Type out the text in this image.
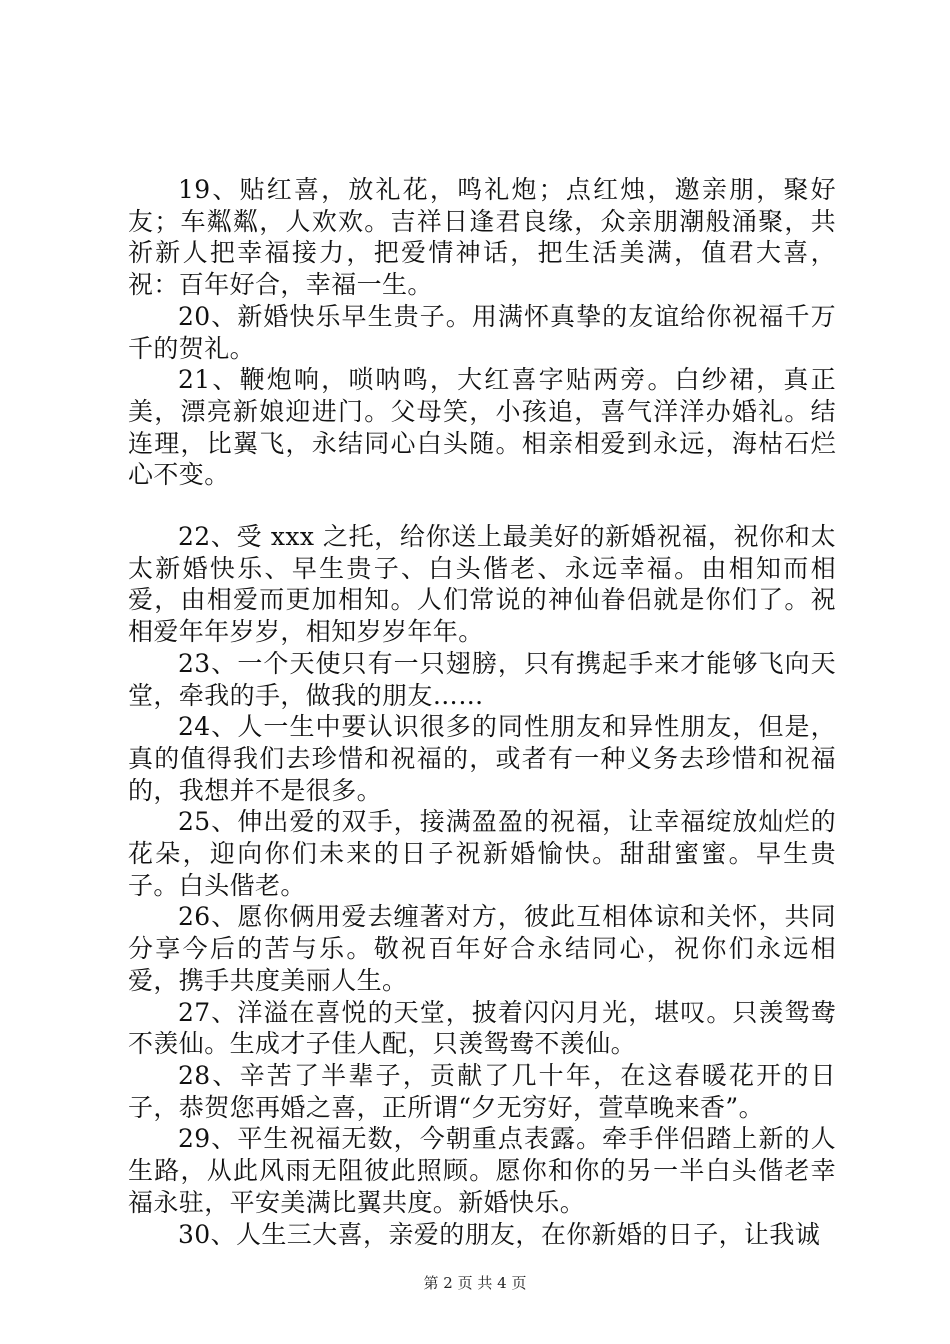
19、贴红喜，放礼花，鸣礼炮；点红烛，邀亲朋，聚好友；车粼粼，人欢欢。吉祥日逢君良缘，众亲朋潮般涌聚，共祈新人把幸福接力，把爱情神话，把生活美满，值君大喜，祝：百年好合，幸福一生。

20、新婚快乐早生贵子。用满怀真挚的友谊给你祝福千万千的贺礼。

21、鞭炮响，唢呐鸣，大红喜字贴两旁。白纱裙，真正美，漂亮新娘迎进门。父母笑，小孩追，喜气洋洋办婚礼。结连理，比翼飞，永结同心白头随。相亲相爱到永远，海枯石烂心不变。

22、受 xxx 之托，给你送上最美好的新婚祝福，祝你和太太新婚快乐、早生贵子、白头偕老、永远幸福。由相知而相爱，由相爱而更加相知。人们常说的神仙眷侣就是你们了。祝相爱年年岁岁，相知岁岁年年。

23、一个天使只有一只翅膀，只有携起手来才能够飞向天堂，牵我的手，做我的朋友……

24、人一生中要认识很多的同性朋友和异性朋友，但是，真的值得我们去珍惜和祝福的，或者有一种义务去珍惜和祝福的，我想并不是很多。

25、伸出爱的双手，接满盈盈的祝福，让幸福绽放灿烂的花朵，迎向你们未来的日子祝新婚愉快。甜甜蜜蜜。早生贵子。白头偕老。

26、愿你俩用爱去缠著对方，彼此互相体谅和关怀，共同分享今后的苦与乐。敬祝百年好合永结同心，祝你们永远相爱，携手共度美丽人生。

27、洋溢在喜悦的天堂，披着闪闪月光，堪叹。只羡鸳鸯不羡仙。生成才子佳人配，只羡鸳鸯不羡仙。

28、辛苦了半辈子，贡献了几十年，在这春暖花开的日子，恭贺您再婚之喜，正所谓“夕无穷好，萱草晚来香”。

29、平生祝福无数，今朝重点表露。牵手伴侣踏上新的人生路，从此风雨无阻彼此照顾。愿你和你的另一半白头偕老幸福永驻，平安美满比翼共度。新婚快乐。

30、人生三大喜，亲爱的朋友，在你新婚的日子，让我诚

第 2 页 共 4 页
